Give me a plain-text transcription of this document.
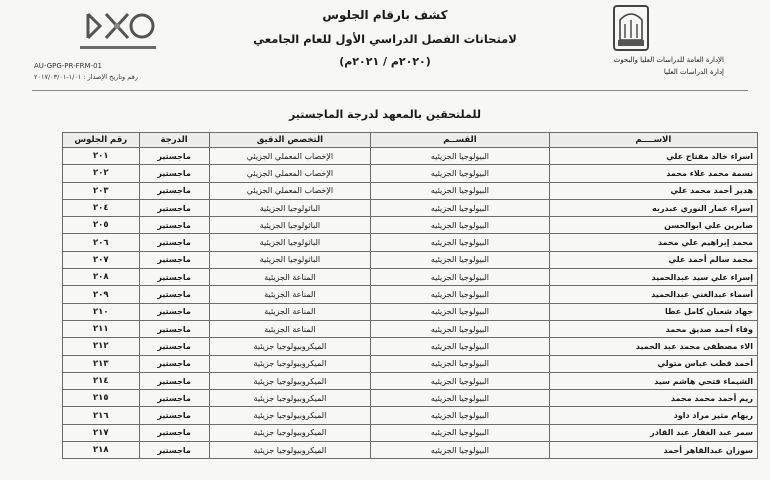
AU-GPG-PR-FRM-01
رقم وتاريخ الإصدار : ١/٠١-٢٠١٧/٠٣/٠١
كشف بارقام الجلوس
لامتحانات الفصل الدراسي الأول للعام الجامعي
(٢٠٢٠م / ٢٠٢١م)	الإدارة العامة للدراسات العليا والبحوث
إدارة الدراسات العليا
للملتحقين بالمعهد لدرجة الماجستير
الاســــم	القســم	التخصص الدقيق	الدرجة	رقم الجلوس
اسراء خالد مفتاح علي	البيولوجيا الجزيئيه	الإخصاب المعملي الجزيئي	ماجستير	٢٠١
نسمة محمد علاء محمد	البيولوجيا الجزيئيه	الإخصاب المعملي الجزيئي	ماجستير	٢٠٢
هدير أحمد محمد علي	البيولوجيا الجزيئيه	الإخصاب المعملي الجزيئي	ماجستير	٢٠٣
إسراء عمار النوري عبدربه	البيولوجيا الجزيئيه	الباثولوجيا الجزيئية	ماجستير	٢٠٤
صابرين علي ابوالحسن	البيولوجيا الجزيئيه	الباثولوجيا الجزيئية	ماجستير	٢٠٥
محمد إبراهيم علي محمد	البيولوجيا الجزيئيه	الباثولوجيا الجزيئية	ماجستير	٢٠٦
محمد سالم أحمد علي	البيولوجيا الجزيئيه	الباثولوجيا الجزيئية	ماجستير	٢٠٧
إسراء علي سيد عبدالحميد	البيولوجيا الجزيئيه	المناعة الجزيئية	ماجستير	٢٠٨
أسماء عبدالغني عبدالحميد	البيولوجيا الجزيئيه	المناعة الجزيئية	ماجستير	٢٠٩
جهاد شعبان كامل عطا	البيولوجيا الجزيئيه	المناعة الجزيئية	ماجستير	٢١٠
وفاء أحمد صديق محمد	البيولوجيا الجزيئيه	المناعة الجزيئية	ماجستير	٢١١
الاء مصطفى محمد عبد الحميد	البيولوجيا الجزيئيه	الميكروبيولوجيا جزيئية	ماجستير	٢١٢
أحمد قطب عباس متولي	البيولوجيا الجزيئيه	الميكروبيولوجيا جزيئية	ماجستير	٢١٣
الشيماء فتحي هاشم سيد	البيولوجيا الجزيئيه	الميكروبيولوجيا جزيئية	ماجستير	٢١٤
ريم أحمد محمد محمد	البيولوجيا الجزيئيه	الميكروبيولوجيا جزيئية	ماجستير	٢١٥
ريهام مثير مراد داود	البيولوجيا الجزيئيه	الميكروبيولوجيا جزيئية	ماجستير	٢١٦
سمر عبد الغفار عبد القادر	البيولوجيا الجزيئيه	الميكروبيولوجيا جزيئية	ماجستير	٢١٧
سوزان عبدالقاهر أحمد	البيولوجيا الجزيئيه	الميكروبيولوجيا جزيئية	ماجستير	٢١٨
